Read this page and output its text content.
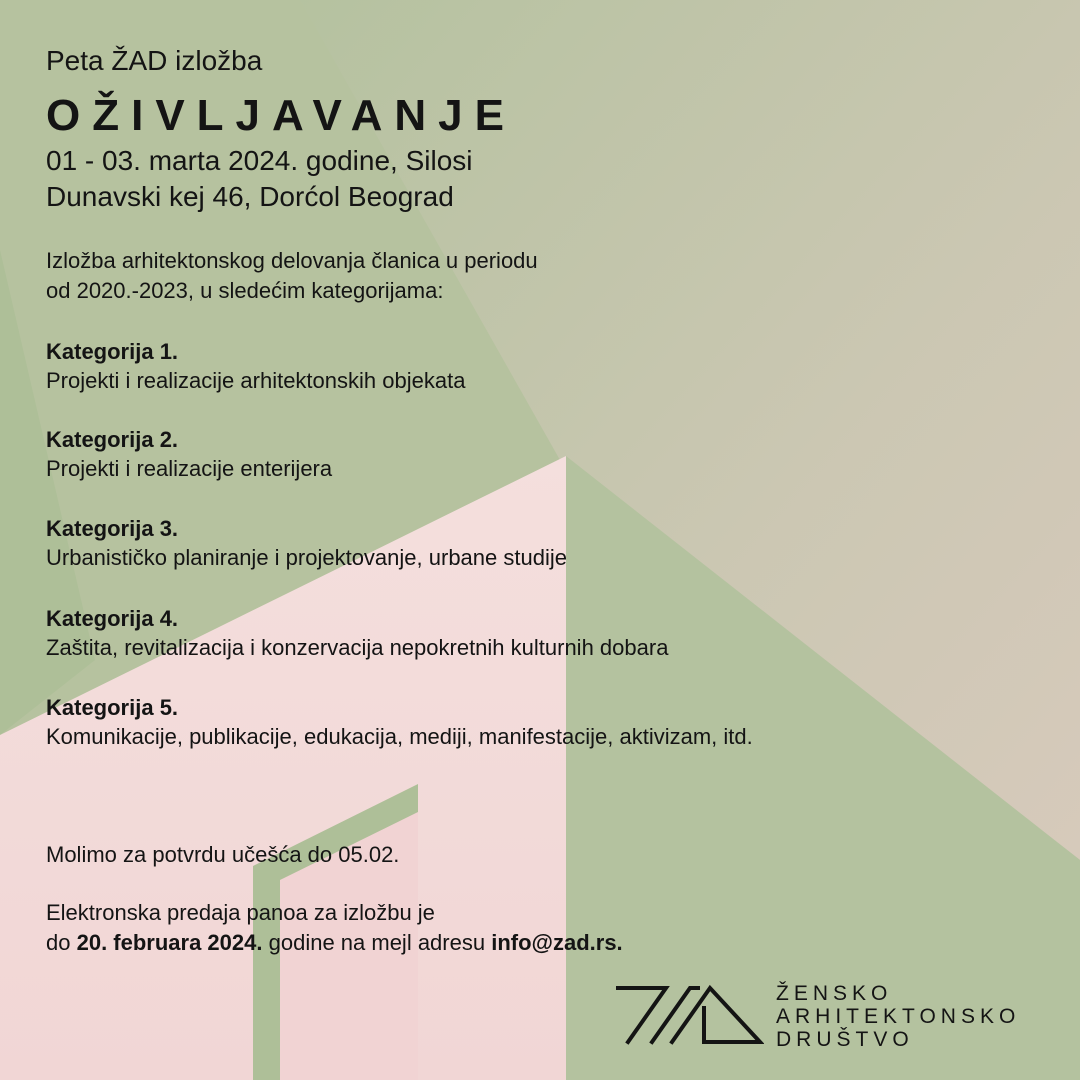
Peta ŽAD izložba
OŽIVLJAVANJE
01 - 03. marta 2024. godine, Silosi
Dunavski kej 46, Dorćol Beograd
Izložba arhitektonskog delovanja članica u periodu
od 2020.-2023, u sledećim kategorijama:
Kategorija 1.
Projekti i realizacije arhitektonskih objekata
Kategorija 2.
Projekti i realizacije enterijera
Kategorija 3.
Urbanističko planiranje i projektovanje, urbane studije
Kategorija 4.
Zaštita, revitalizacija i konzervacija nepokretnih kulturnih dobara
Kategorija 5.
Komunikacije, publikacije, edukacija, mediji, manifestacije, aktivizam, itd.
Molimo za potvrdu učešća do 05.02.
Elektronska predaja panoa za izložbu je
do 20. februara 2024. godine na mejl adresu info@zad.rs.
ŽENSKO
ARHITEKTONSKO
DRUŠTVO
